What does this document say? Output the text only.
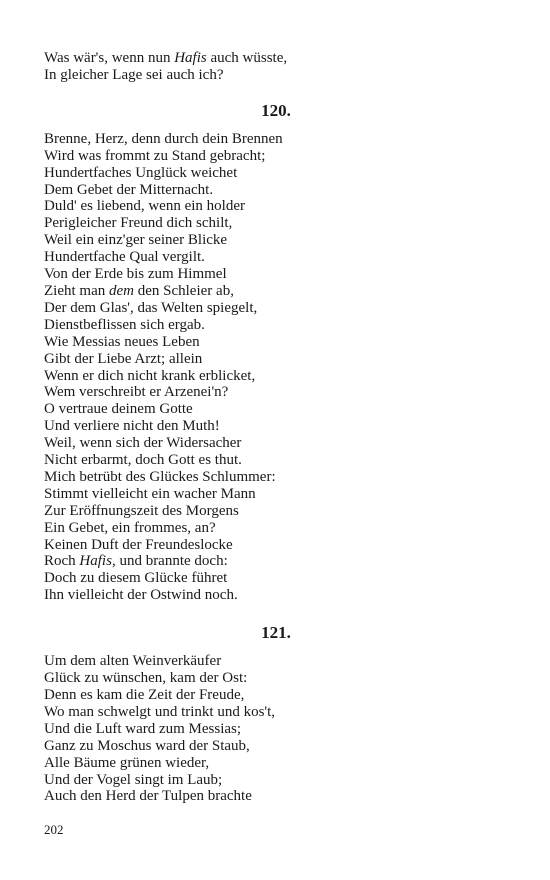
Was wär's, wenn nun Hafis auch wüsste,
In gleicher Lage sei auch ich?
120.
Brenne, Herz, denn durch dein Brennen
Wird was frommt zu Stand gebracht;
Hundertfaches Unglück weichet
Dem Gebet der Mitternacht.
Duld' es liebend, wenn ein holder
Perigleicher Freund dich schilt,
Weil ein einz'ger seiner Blicke
Hundertfache Qual vergilt.
Von der Erde bis zum Himmel
Zieht man dem den Schleier ab,
Der dem Glas', das Welten spiegelt,
Dienstbeflissen sich ergab.
Wie Messias neues Leben
Gibt der Liebe Arzt; allein
Wenn er dich nicht krank erblicket,
Wem verschreibt er Arzenei'n?
O vertraue deinem Gotte
Und verliere nicht den Muth!
Weil, wenn sich der Widersacher
Nicht erbarmt, doch Gott es thut.
Mich betrübt des Glückes Schlummer:
Stimmt vielleicht ein wacher Mann
Zur Eröffnungszeit des Morgens
Ein Gebet, ein frommes, an?
Keinen Duft der Freundeslocke
Roch Hafis, und brannte doch:
Doch zu diesem Glücke führet
Ihn vielleicht der Ostwind noch.
121.
Um dem alten Weinverkäufer
Glück zu wünschen, kam der Ost:
Denn es kam die Zeit der Freude,
Wo man schwelgt und trinkt und kos't,
Und die Luft ward zum Messias;
Ganz zu Moschus ward der Staub,
Alle Bäume grünen wieder,
Und der Vogel singt im Laub;
Auch den Herd der Tulpen brachte
202
